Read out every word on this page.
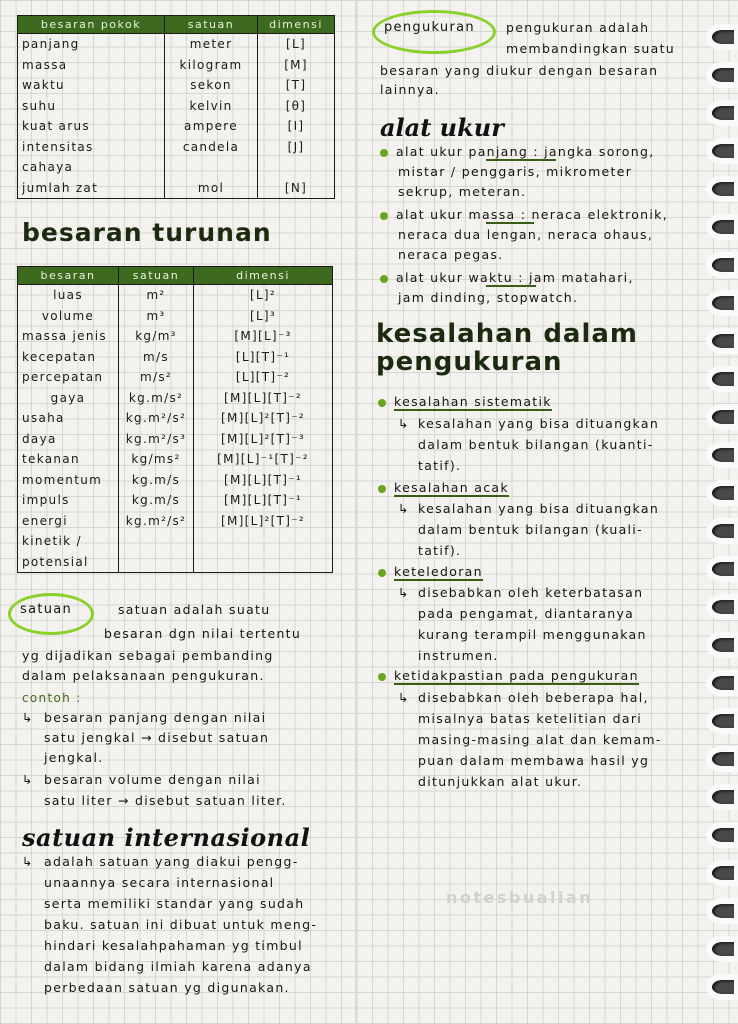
besaran pokok	satuan	dimensi
panjang	meter	[L]
massa	kilogram	[M]
waktu	sekon	[T]
suhu	kelvin	[θ]
kuat arus	ampere	[I]
intensitas	candela	[J]
cahaya		
jumlah zat	mol	[N]
besaran turunan
besaran	satuan	dimensi
luas	m²	[L]²
volume	m³	[L]³
massa jenis	kg/m³	[M][L]⁻³
kecepatan	m/s	[L][T]⁻¹
percepatan	m/s²	[L][T]⁻²
gaya	kg.m/s²	[M][L][T]⁻²
usaha	kg.m²/s²	[M][L]²[T]⁻²
daya	kg.m²/s³	[M][L]²[T]⁻³
tekanan	kg/ms²	[M][L]⁻¹[T]⁻²
momentum	kg.m/s	[M][L][T]⁻¹
impuls	kg.m/s	[M][L][T]⁻¹
energi	kg.m²/s²	[M][L]²[T]⁻²
kinetik /		
potensial		
satuan	satuan adalah suatu
besaran dgn nilai tertentu
yg dijadikan sebagai pembanding
dalam pelaksanaan pengukuran.
contoh :
↳ besaran panjang dengan nilai
satu jengkal → disebut satuan
jengkal.
↳ besaran volume dengan nilai
satu liter → disebut satuan liter.
satuan internasional
↳ adalah satuan yang diakui pengg-
unaannya secara internasional
serta memiliki standar yang sudah
baku. satuan ini dibuat untuk meng-
hindari kesalahpahaman yg timbul
dalam bidang ilmiah karena adanya
perbedaan satuan yg digunakan.
pengukuran pengukuran adalah
membandingkan suatu
besaran yang diukur dengan besaran
lainnya.
alat ukur
alat ukur panjang : jangka sorong,
mistar / penggaris, mikrometer
sekrup, meteran.
alat ukur massa : neraca elektronik,
neraca dua lengan, neraca ohaus,
neraca pegas.
alat ukur waktu : jam matahari,
jam dinding, stopwatch.
kesalahan dalam
pengukuran
kesalahan sistematik
↳ kesalahan yang bisa dituangkan
dalam bentuk bilangan (kuanti-
tatif).
kesalahan acak
↳ kesalahan yang bisa dituangkan
dalam bentuk bilangan (kuali-
tatif).
keteledoran
↳ disebabkan oleh keterbatasan
pada pengamat, diantaranya
kurang terampil menggunakan
instrumen.
ketidakpastian pada pengukuran
↳ disebabkan oleh beberapa hal,
misalnya batas ketelitian dari
masing-masing alat dan kemam-
puan dalam membawa hasil yg
ditunjukkan alat ukur.
notesbualian
